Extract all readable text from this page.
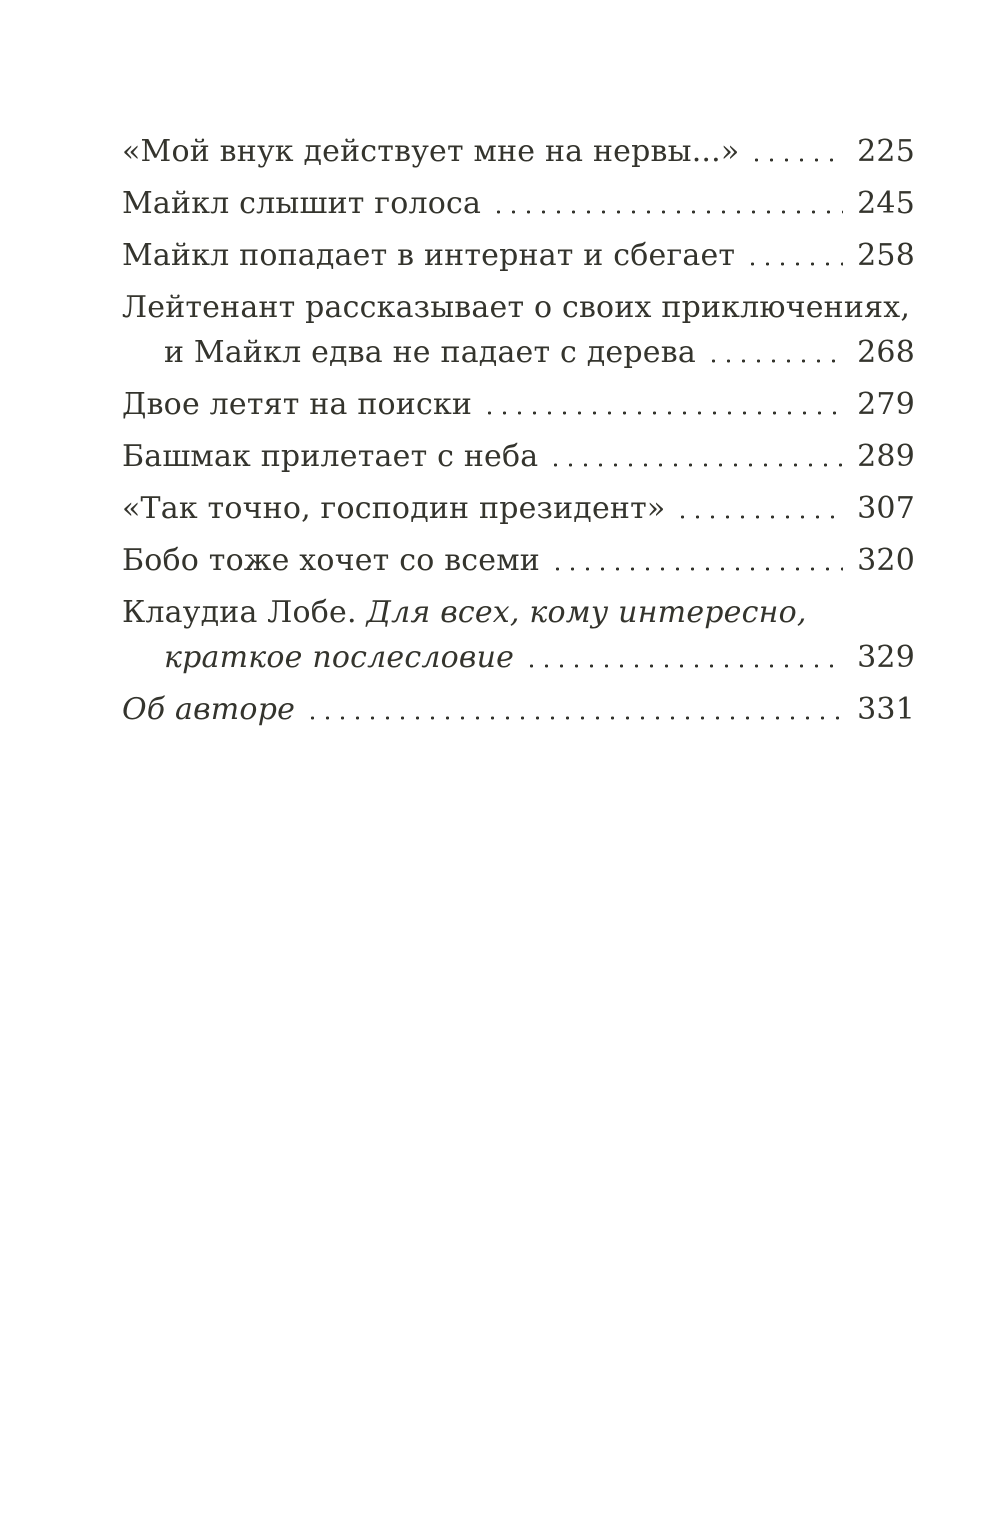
«Мой внук действует мне на нервы...»	225
Майкл слышит голоса	245
Майкл попадает в интернат и сбегает	258
Лейтенант рассказывает о своих приключениях,
и Майкл едва не падает с дерева	268
Двое летят на поиски	279
Башмак прилетает с неба	289
«Так точно, господин президент»	307
Бобо тоже хочет со всеми	320
Клаудиа Лобе. Для всех, кому интересно,
краткое послесловие	329
Об авторе	331
